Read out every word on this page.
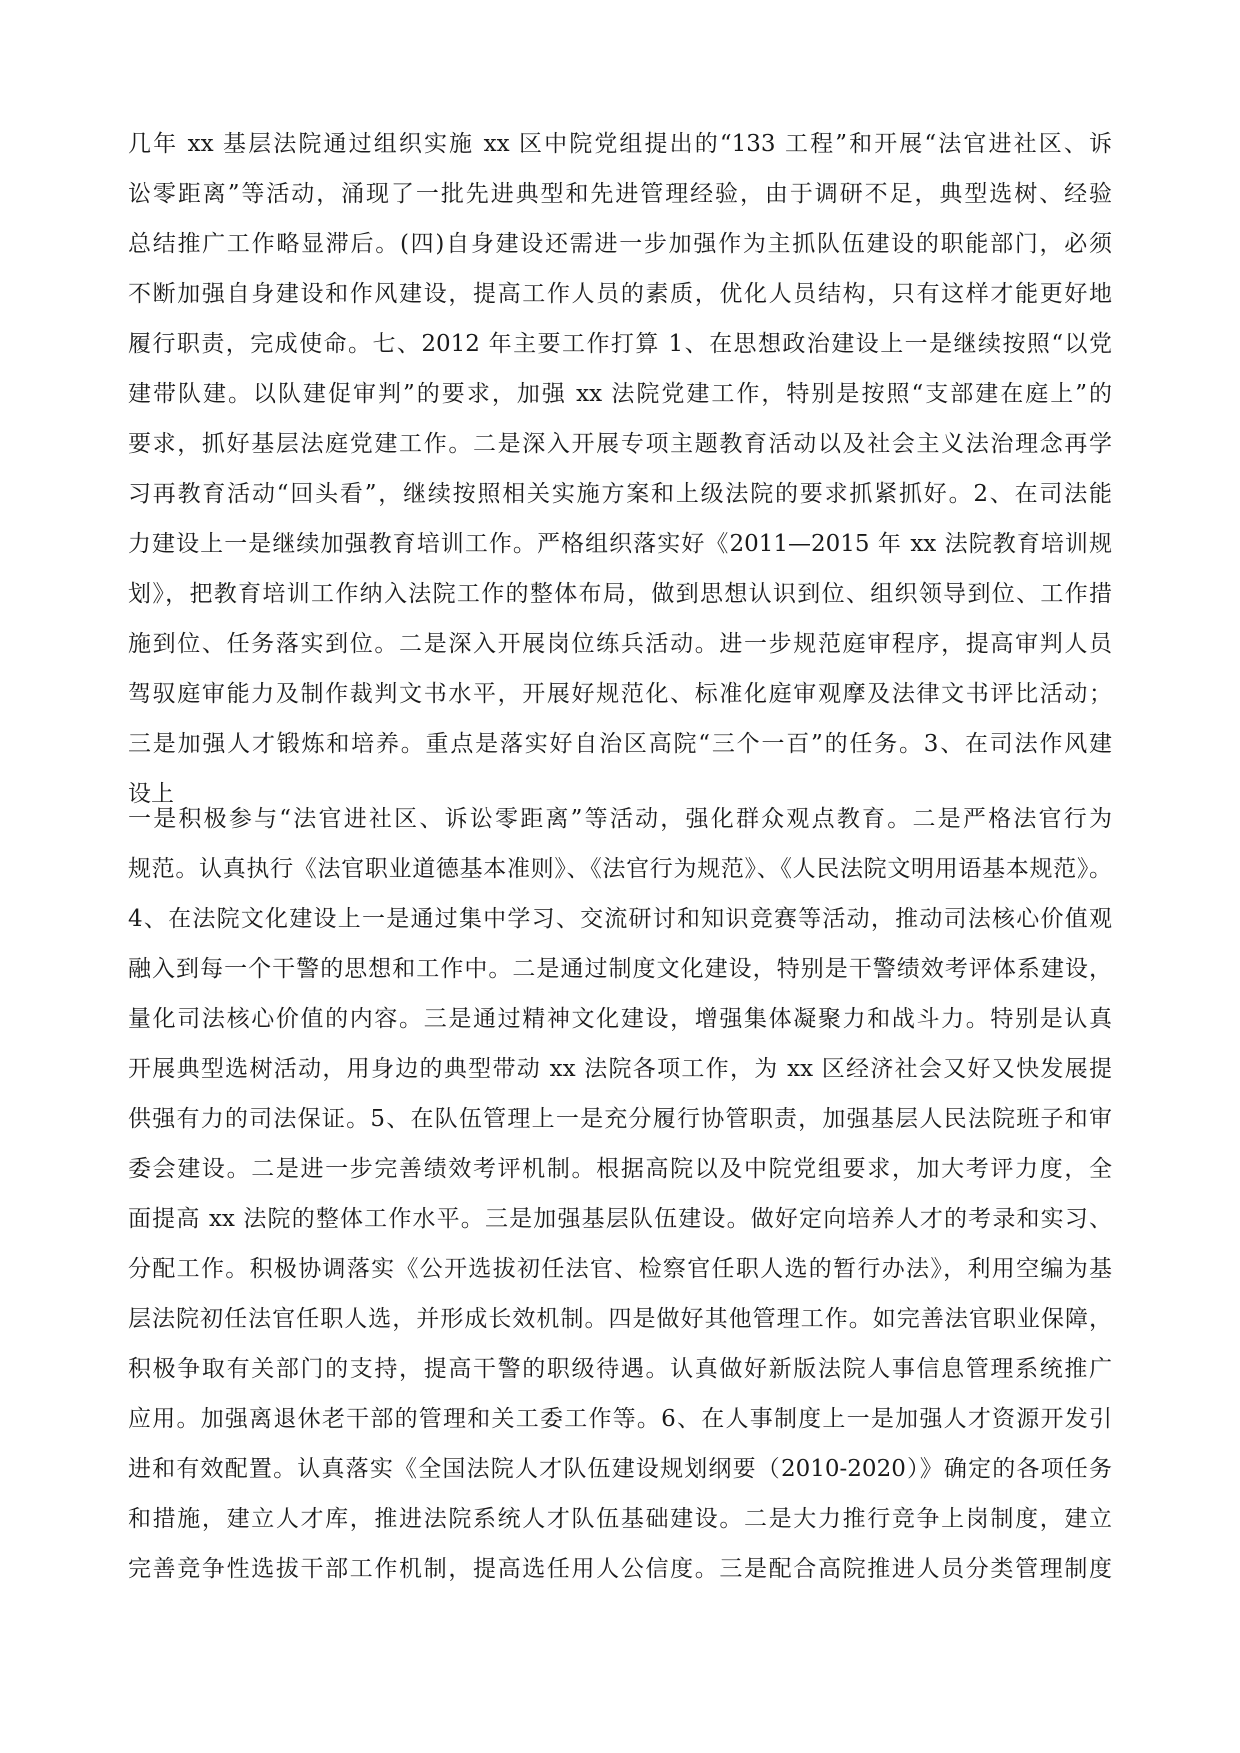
几年 xx 基层法院通过组织实施 xx 区中院党组提出的“133 工程”和开展“法官进社区、诉
讼零距离”等活动，涌现了一批先进典型和先进管理经验，由于调研不足，典型选树、经验
总结推广工作略显滞后。(四)自身建设还需进一步加强作为主抓队伍建设的职能部门，必须
不断加强自身建设和作风建设，提高工作人员的素质，优化人员结构，只有这样才能更好地
履行职责，完成使命。七、2012 年主要工作打算 1、在思想政治建设上一是继续按照“以党
建带队建。以队建促审判”的要求，加强 xx 法院党建工作，特别是按照“支部建在庭上”的
要求，抓好基层法庭党建工作。二是深入开展专项主题教育活动以及社会主义法治理念再学
习再教育活动“回头看”，继续按照相关实施方案和上级法院的要求抓紧抓好。2、在司法能
力建设上一是继续加强教育培训工作。严格组织落实好《2011—2015 年 xx 法院教育培训规
划》，把教育培训工作纳入法院工作的整体布局，做到思想认识到位、组织领导到位、工作措
施到位、任务落实到位。二是深入开展岗位练兵活动。进一步规范庭审程序，提高审判人员
驾驭庭审能力及制作裁判文书水平，开展好规范化、标准化庭审观摩及法律文书评比活动；
三是加强人才锻炼和培养。重点是落实好自治区高院“三个一百”的任务。3、在司法作风建
设上
一是积极参与“法官进社区、诉讼零距离”等活动，强化群众观点教育。二是严格法官行为
规范。认真执行《法官职业道德基本准则》、《法官行为规范》、《人民法院文明用语基本规范》。
4、在法院文化建设上一是通过集中学习、交流研讨和知识竞赛等活动，推动司法核心价值观
融入到每一个干警的思想和工作中。二是通过制度文化建设，特别是干警绩效考评体系建设，
量化司法核心价值的内容。三是通过精神文化建设，增强集体凝聚力和战斗力。特别是认真
开展典型选树活动，用身边的典型带动 xx 法院各项工作，为 xx 区经济社会又好又快发展提
供强有力的司法保证。5、在队伍管理上一是充分履行协管职责，加强基层人民法院班子和审
委会建设。二是进一步完善绩效考评机制。根据高院以及中院党组要求，加大考评力度，全
面提高 xx 法院的整体工作水平。三是加强基层队伍建设。做好定向培养人才的考录和实习、
分配工作。积极协调落实《公开选拔初任法官、检察官任职人选的暂行办法》，利用空编为基
层法院初任法官任职人选，并形成长效机制。四是做好其他管理工作。如完善法官职业保障，
积极争取有关部门的支持，提高干警的职级待遇。认真做好新版法院人事信息管理系统推广
应用。加强离退休老干部的管理和关工委工作等。6、在人事制度上一是加强人才资源开发引
进和有效配置。认真落实《全国法院人才队伍建设规划纲要（2010-2020）》确定的各项任务
和措施，建立人才库，推进法院系统人才队伍基础建设。二是大力推行竞争上岗制度，建立
完善竞争性选拔干部工作机制，提高选任用人公信度。三是配合高院推进人员分类管理制度
